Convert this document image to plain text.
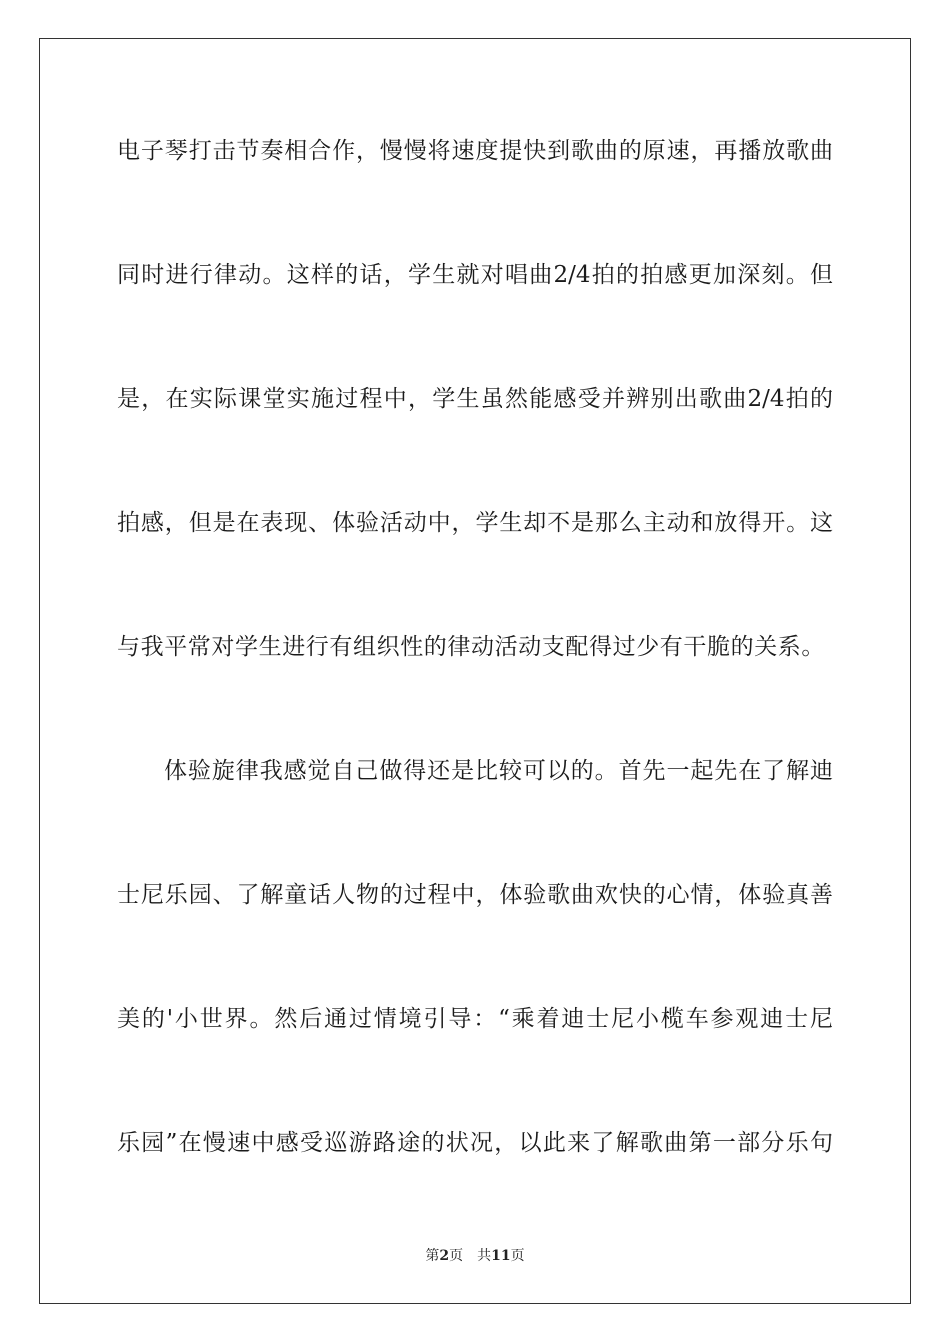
电子琴打击节奏相合作，慢慢将速度提快到歌曲的原速，再播放歌曲
同时进行律动。这样的话，学生就对唱曲2/4拍的拍感更加深刻。但
是，在实际课堂实施过程中，学生虽然能感受并辨别出歌曲2/4拍的
拍感，但是在表现、体验活动中，学生却不是那么主动和放得开。这
与我平常对学生进行有组织性的律动活动支配得过少有干脆的关系。
体验旋律我感觉自己做得还是比较可以的。首先一起先在了解迪
士尼乐园、了解童话人物的过程中，体验歌曲欢快的心情，体验真善
美的'小世界。然后通过情境引导：“乘着迪士尼小榄车参观迪士尼
乐园”在慢速中感受巡游路途的状况，以此来了解歌曲第一部分乐句
第2页 共11页
